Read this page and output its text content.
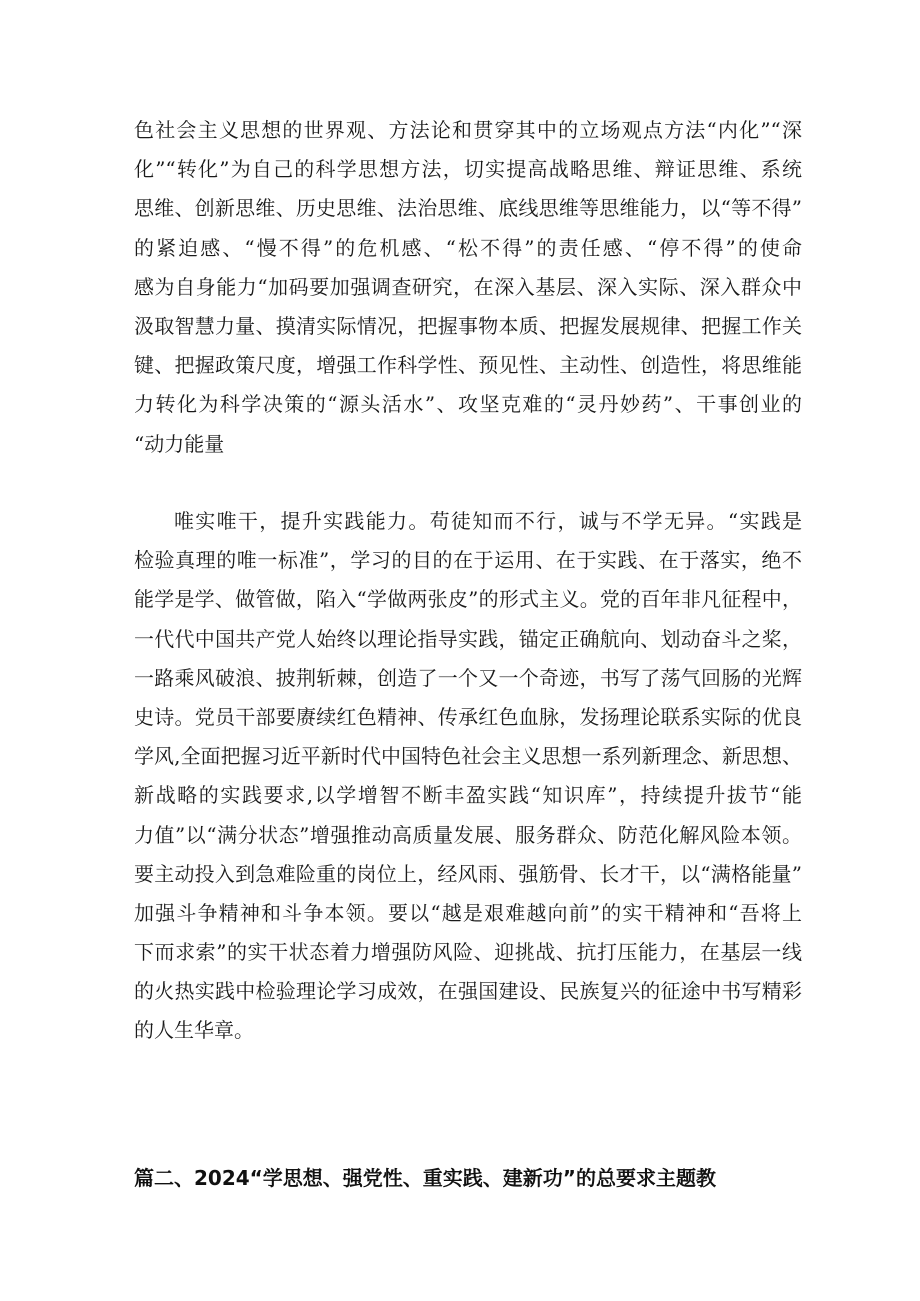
色社会主义思想的世界观、方法论和贯穿其中的立场观点方法“内化”“深
化”“转化”为自己的科学思想方法，切实提高战略思维、辩证思维、系统
思维、创新思维、历史思维、法治思维、底线思维等思维能力，以“等不得”
的紧迫感、“慢不得”的危机感、“松不得”的责任感、“停不得”的使命
感为自身能力“加码要加强调查研究，在深入基层、深入实际、深入群众中
汲取智慧力量、摸清实际情况，把握事物本质、把握发展规律、把握工作关
键、把握政策尺度，增强工作科学性、预见性、主动性、创造性，将思维能
力转化为科学决策的“源头活水”、攻坚克难的“灵丹妙药”、干事创业的
“动力能量
唯实唯干，提升实践能力。苟徒知而不行，诚与不学无异。“实践是
检验真理的唯一标准”，学习的目的在于运用、在于实践、在于落实，绝不
能学是学、做管做，陷入“学做两张皮”的形式主义。党的百年非凡征程中，
一代代中国共产党人始终以理论指导实践，锚定正确航向、划动奋斗之桨，
一路乘风破浪、披荆斩棘，创造了一个又一个奇迹，书写了荡气回肠的光辉
史诗。党员干部要赓续红色精神、传承红色血脉，发扬理论联系实际的优良
学风,全面把握习近平新时代中国特色社会主义思想一系列新理念、新思想、
新战略的实践要求,以学增智不断丰盈实践“知识库”，持续提升拔节“能
力值”以“满分状态”增强推动高质量发展、服务群众、防范化解风险本领。
要主动投入到急难险重的岗位上，经风雨、强筋骨、长才干，以“满格能量”
加强斗争精神和斗争本领。要以“越是艰难越向前”的实干精神和“吾将上
下而求索”的实干状态着力增强防风险、迎挑战、抗打压能力，在基层一线
的火热实践中检验理论学习成效，在强国建设、民族复兴的征途中书写精彩
的人生华章。
篇二、2024“学思想、强党性、重实践、建新功”的总要求主题教
